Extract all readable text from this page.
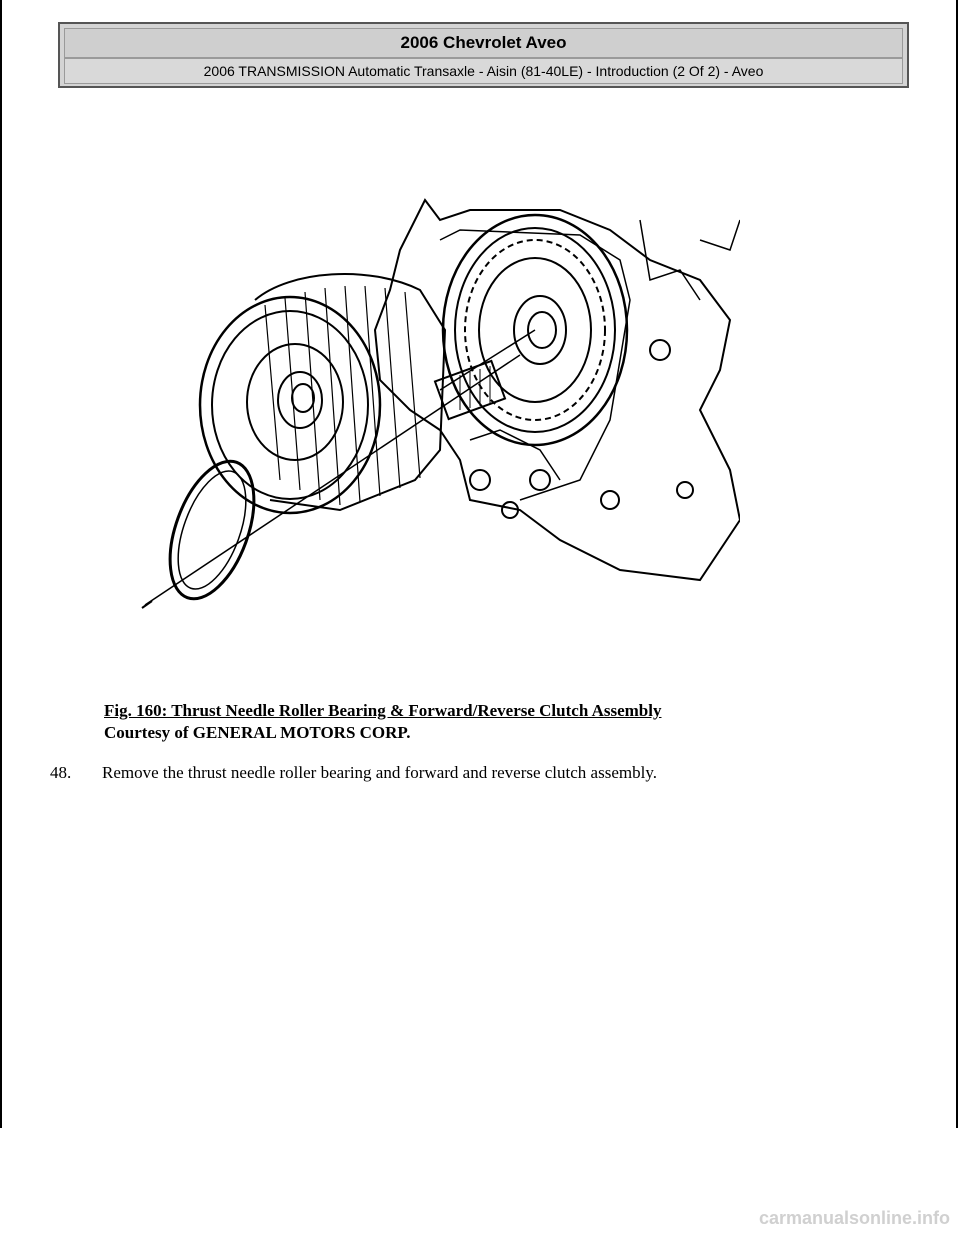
2006 Chevrolet Aveo
2006 TRANSMISSION Automatic Transaxle - Aisin (81-40LE) - Introduction (2 Of 2) - Aveo
Fig. 160: Thrust Needle Roller Bearing & Forward/Reverse Clutch Assembly
Courtesy of GENERAL MOTORS CORP.
48. Remove the thrust needle roller bearing and forward and reverse clutch assembly.
carmanualsonline.info
